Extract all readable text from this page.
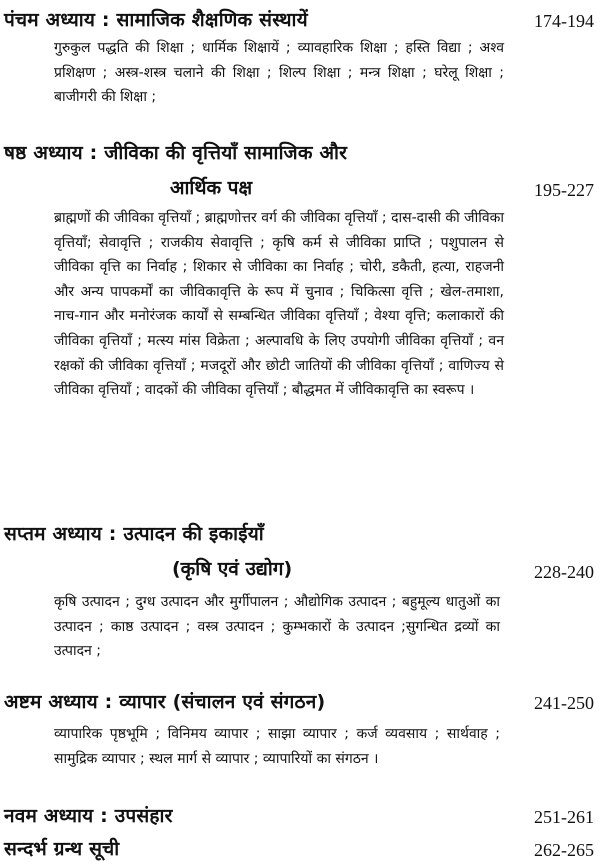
पंचम अध्याय : सामाजिक शैक्षणिक संस्थायें	174-194
गुरुकुल पद्धति की शिक्षा ; धार्मिक शिक्षायें ; व्यावहारिक शिक्षा ; हस्ति विद्या ; अश्व प्रशिक्षण ; अस्त्र-शस्त्र चलाने की शिक्षा ; शिल्प शिक्षा ; मन्त्र शिक्षा ; घरेलू शिक्षा ; बाजीगरी की शिक्षा ;
षष्ठ अध्याय : जीविका की वृत्तियाँ सामाजिक और
आर्थिक पक्ष	195-227
ब्राह्मणों की जीविका वृत्तियाँ ; ब्राह्मणोत्तर वर्ग की जीविका वृत्तियाँ ; दास-दासी की जीविका वृत्तियाँ; सेवावृत्ति ; राजकीय सेवावृत्ति ; कृषि कर्म से जीविका प्राप्ति ; पशुपालन से जीविका वृत्ति का निर्वाह ; शिकार से जीविका का निर्वाह ; चोरी, डकैती, हत्या, राहजनी और अन्य पापकर्मों का जीविकावृत्ति के रूप में चुनाव ; चिकित्सा वृत्ति ; खेल-तमाशा, नाच-गान और मनोरंजक कार्यों से सम्बन्धित जीविका वृत्तियाँ ; वेश्या वृत्ति; कलाकारों की जीविका वृत्तियाँ ; मत्स्य मांस विक्रेता ; अल्पावधि के लिए उपयोगी जीविका वृत्तियाँ ; वन रक्षकों की जीविका वृत्तियाँ ; मजदूरों और छोटी जातियों की जीविका वृत्तियाँ ; वाणिज्य से जीविका वृत्तियाँ ; वादकों की जीविका वृत्तियाँ ; बौद्धमत में जीविकावृत्ति का स्वरूप ।
सप्तम अध्याय : उत्पादन की इकाईयाँ
(कृषि एवं उद्योग)	228-240
कृषि उत्पादन ; दुग्ध उत्पादन और मुर्गीपालन ; औद्योगिक उत्पादन ; बहुमूल्य धातुओं का उत्पादन ; काष्ठ उत्पादन ; वस्त्र उत्पादन ; कुम्भकारों के उत्पादन ;सुगन्धित द्रव्यों का उत्पादन ;
अष्टम अध्याय : व्यापार (संचालन एवं संगठन)	241-250
व्यापारिक पृष्ठभूमि ; विनिमय व्यापार ; साझा व्यापार ; कर्ज व्यवसाय ; सार्थवाह ; सामुद्रिक व्यापार ; स्थल मार्ग से व्यापार ; व्यापारियों का संगठन ।
नवम अध्याय : उपसंहार	251-261
सन्दर्भ ग्रन्थ सूची	262-265
